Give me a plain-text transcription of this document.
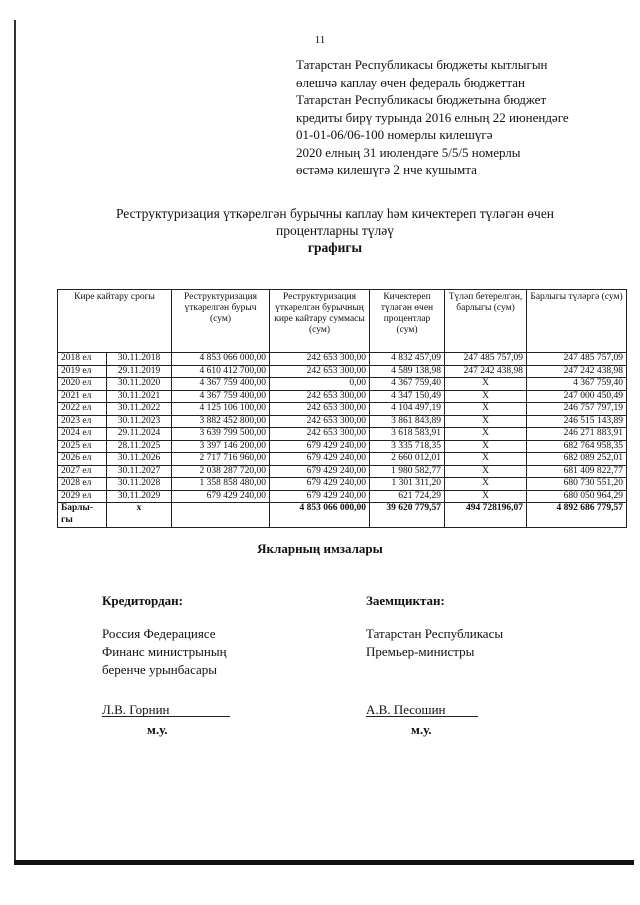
11
Татарстан Республикасы бюджеты кытлыгын
өлешчә каплау өчен федераль бюджеттан
Татарстан Республикасы бюджетына бюджет
кредиты бирү турында 2016 елның 22 июнендәге
01-01-06/06-100 номерлы килешүгә
2020 елның 31 июлендәге 5/5/5 номерлы
өстәмә килешүгә 2 нче кушымта
Реструктуризация үткәрелгән бурычны каплау һәм кичектереп түләгән өчен
процентларны түләү
графигы
Кире кайтару срогы		Реструктуризация үткәрелгән бурыч (сум)	Реструктуризация үткәрелгән бурычның кире кайтару суммасы (сум)	Кичектереп түләгән өчен процентлар (сум)	Түләп бетерелгән, барлыгы (сум)	Барлыгы түләргә (сум)
2018 ел	30.11.2018	4 853 066 000,00	242 653 300,00	4 832 457,09	247 485 757,09	247 485 757,09
2019 ел	29.11.2019	4 610 412 700,00	242 653 300,00	4 589 138,98	247 242 438,98	247 242 438,98
2020 ел	30.11.2020	4 367 759 400,00	0,00	4 367 759,40	Х	4 367 759,40
2021 ел	30.11.2021	4 367 759 400,00	242 653 300,00	4 347 150,49	Х	247 000 450,49
2022 ел	30.11.2022	4 125 106 100,00	242 653 300,00	4 104 497,19	Х	246 757 797,19
2023 ел	30.11.2023	3 882 452 800,00	242 653 300,00	3 861 843,89	Х	246 515 143,89
2024 ел	29.11.2024	3 639 799 500,00	242 653 300,00	3 618 583,91	Х	246 271 883,91
2025 ел	28.11.2025	3 397 146 200,00	679 429 240,00	3 335 718,35	Х	682 764 958,35
2026 ел	30.11.2026	2 717 716 960,00	679 429 240,00	2 660 012,01	Х	682 089 252,01
2027 ел	30.11.2027	2 038 287 720,00	679 429 240,00	1 980 582,77	Х	681 409 822,77
2028 ел	30.11.2028	1 358 858 480,00	679 429 240,00	1 301 311,20	Х	680 730 551,20
2029 ел	30.11.2029	679 429 240,00	679 429 240,00	621 724,29	Х	680 050 964,29
Барлы-
гы	х		4 853 066 000,00	39 620 779,57	494 728196,07	4 892 686 779,57
Якларның имзалары
Кредитордан:
Россия Федерациясе
Финанс министрының
беренче урынбасары
Л.В. Горнин
м.у.
Заемщиктан:
Татарстан Республикасы
Премьер-министры
А.В. Песошин
м.у.
